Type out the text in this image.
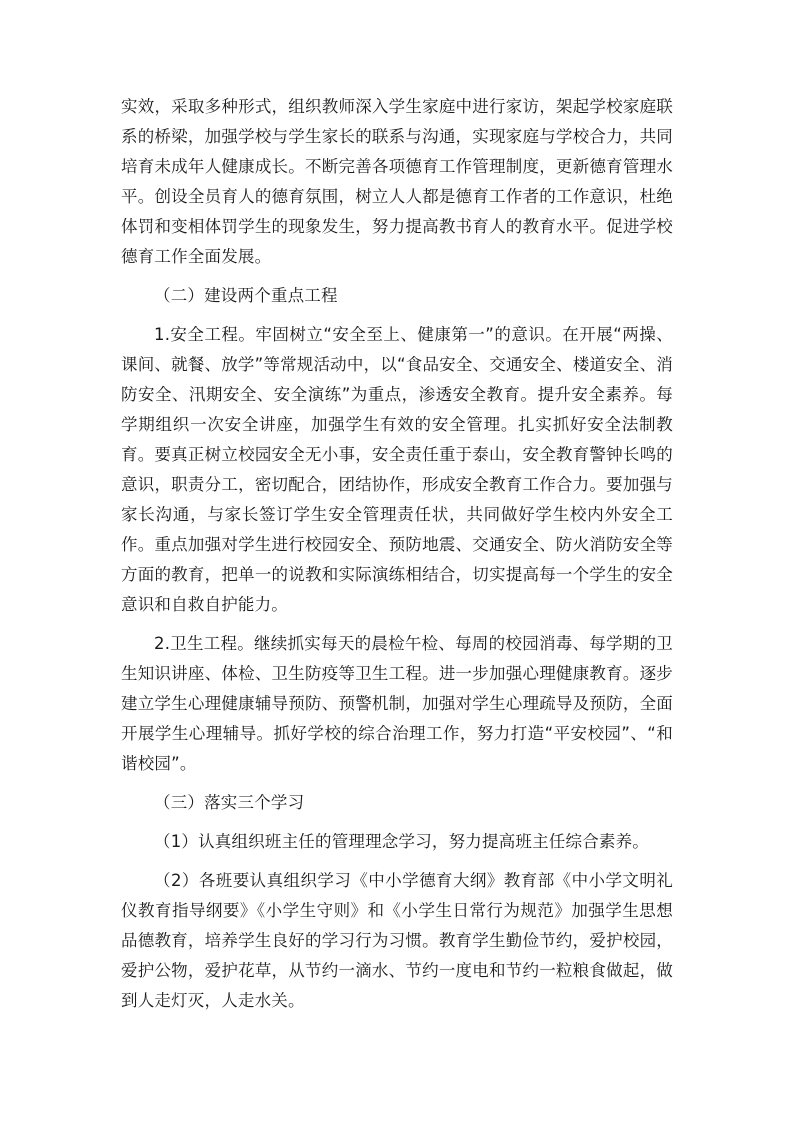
实效，采取多种形式，组织教师深入学生家庭中进行家访，架起学校家庭联系的桥梁，加强学校与学生家长的联系与沟通，实现家庭与学校合力，共同培育未成年人健康成长。不断完善各项德育工作管理制度，更新德育管理水平。创设全员育人的德育氛围，树立人人都是德育工作者的工作意识，杜绝体罚和变相体罚学生的现象发生，努力提高教书育人的教育水平。促进学校德育工作全面发展。

（二）建设两个重点工程

1.安全工程。牢固树立“安全至上、健康第一”的意识。在开展“两操、课间、就餐、放学”等常规活动中，以“食品安全、交通安全、楼道安全、消防安全、汛期安全、安全演练”为重点，渗透安全教育。提升安全素养。每学期组织一次安全讲座，加强学生有效的安全管理。扎实抓好安全法制教育。要真正树立校园安全无小事，安全责任重于泰山，安全教育警钟长鸣的意识，职责分工，密切配合，团结协作，形成安全教育工作合力。要加强与家长沟通，与家长签订学生安全管理责任状，共同做好学生校内外安全工作。重点加强对学生进行校园安全、预防地震、交通安全、防火消防安全等方面的教育，把单一的说教和实际演练相结合，切实提高每一个学生的安全意识和自救自护能力。

2.卫生工程。继续抓实每天的晨检午检、每周的校园消毒、每学期的卫生知识讲座、体检、卫生防疫等卫生工程。进一步加强心理健康教育。逐步建立学生心理健康辅导预防、预警机制，加强对学生心理疏导及预防，全面开展学生心理辅导。抓好学校的综合治理工作，努力打造“平安校园”、“和谐校园”。

（三）落实三个学习

（1）认真组织班主任的管理理念学习，努力提高班主任综合素养。

（2）各班要认真组织学习《中小学德育大纲》教育部《中小学文明礼仪教育指导纲要》《小学生守则》和《小学生日常行为规范》加强学生思想品德教育，培养学生良好的学习行为习惯。教育学生勤俭节约，爱护校园，爱护公物，爱护花草，从节约一滴水、节约一度电和节约一粒粮食做起，做到人走灯灭，人走水关。
